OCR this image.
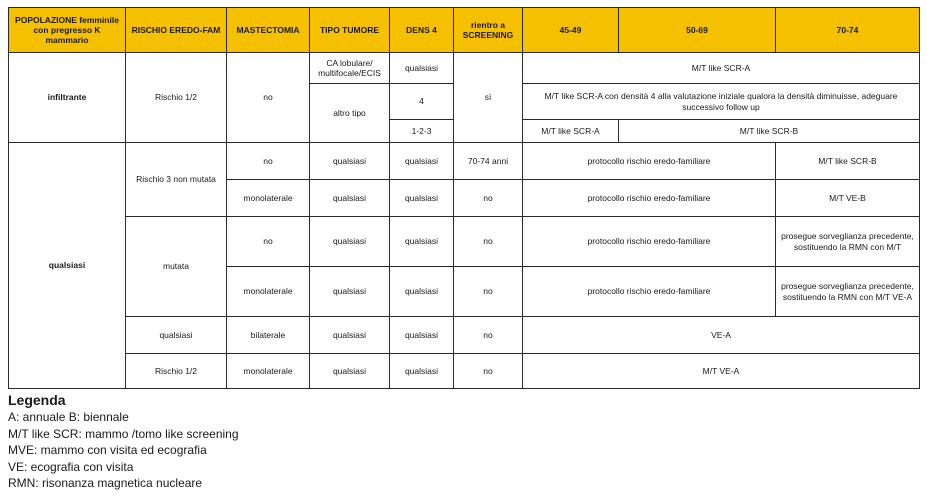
POPOLAZIONE femminile con pregresso K mammario	RISCHIO EREDO-FAM	MASTECTOMIA	TIPO TUMORE	DENS 4	rientro a SCREENING	45-49	50-69	70-74
infiltrante	Rischio 1/2	no	CA lobulare/ multifocale/ECIS	qualsiasi	sì	M/T like SCR-A		
			altro tipo	4		M/T like SCR-A con densità 4 alla valutazione iniziale qualora la densità diminuisse, adeguare successivo follow up		
				1-2-3		M/T like SCR-A	M/T like SCR-B	
qualsiasi	Rischio 3 non mutata	no	qualsiasi	qualsiasi	70-74 anni	protocollo rischio eredo-familiare		M/T like SCR-B
		monolaterale	qualsiasi	qualsiasi	no	protocollo rischio eredo-familiare		M/T VE-B
	mutata	no	qualsiasi	qualsiasi	no	protocollo rischio eredo-familiare		prosegue sorveglianza precedente, sostituendo la RMN con M/T
		monolaterale	qualsiasi	qualsiasi	no	protocollo rischio eredo-familiare		prosegue sorveglianza precedente, sostituendo la RMN con M/T VE-A
	qualsiasi	bilaterale	qualsiasi	qualsiasi	no	VE-A		
	Rischio 1/2	monolaterale	qualsiasi	qualsiasi	no	M/T VE-A		

Legenda

A: annuale B: biennale

M/T like SCR: mammo /tomo like screening

MVE: mammo con visita ed ecografia

VE: ecografia con visita

RMN: risonanza magnetica nucleare
